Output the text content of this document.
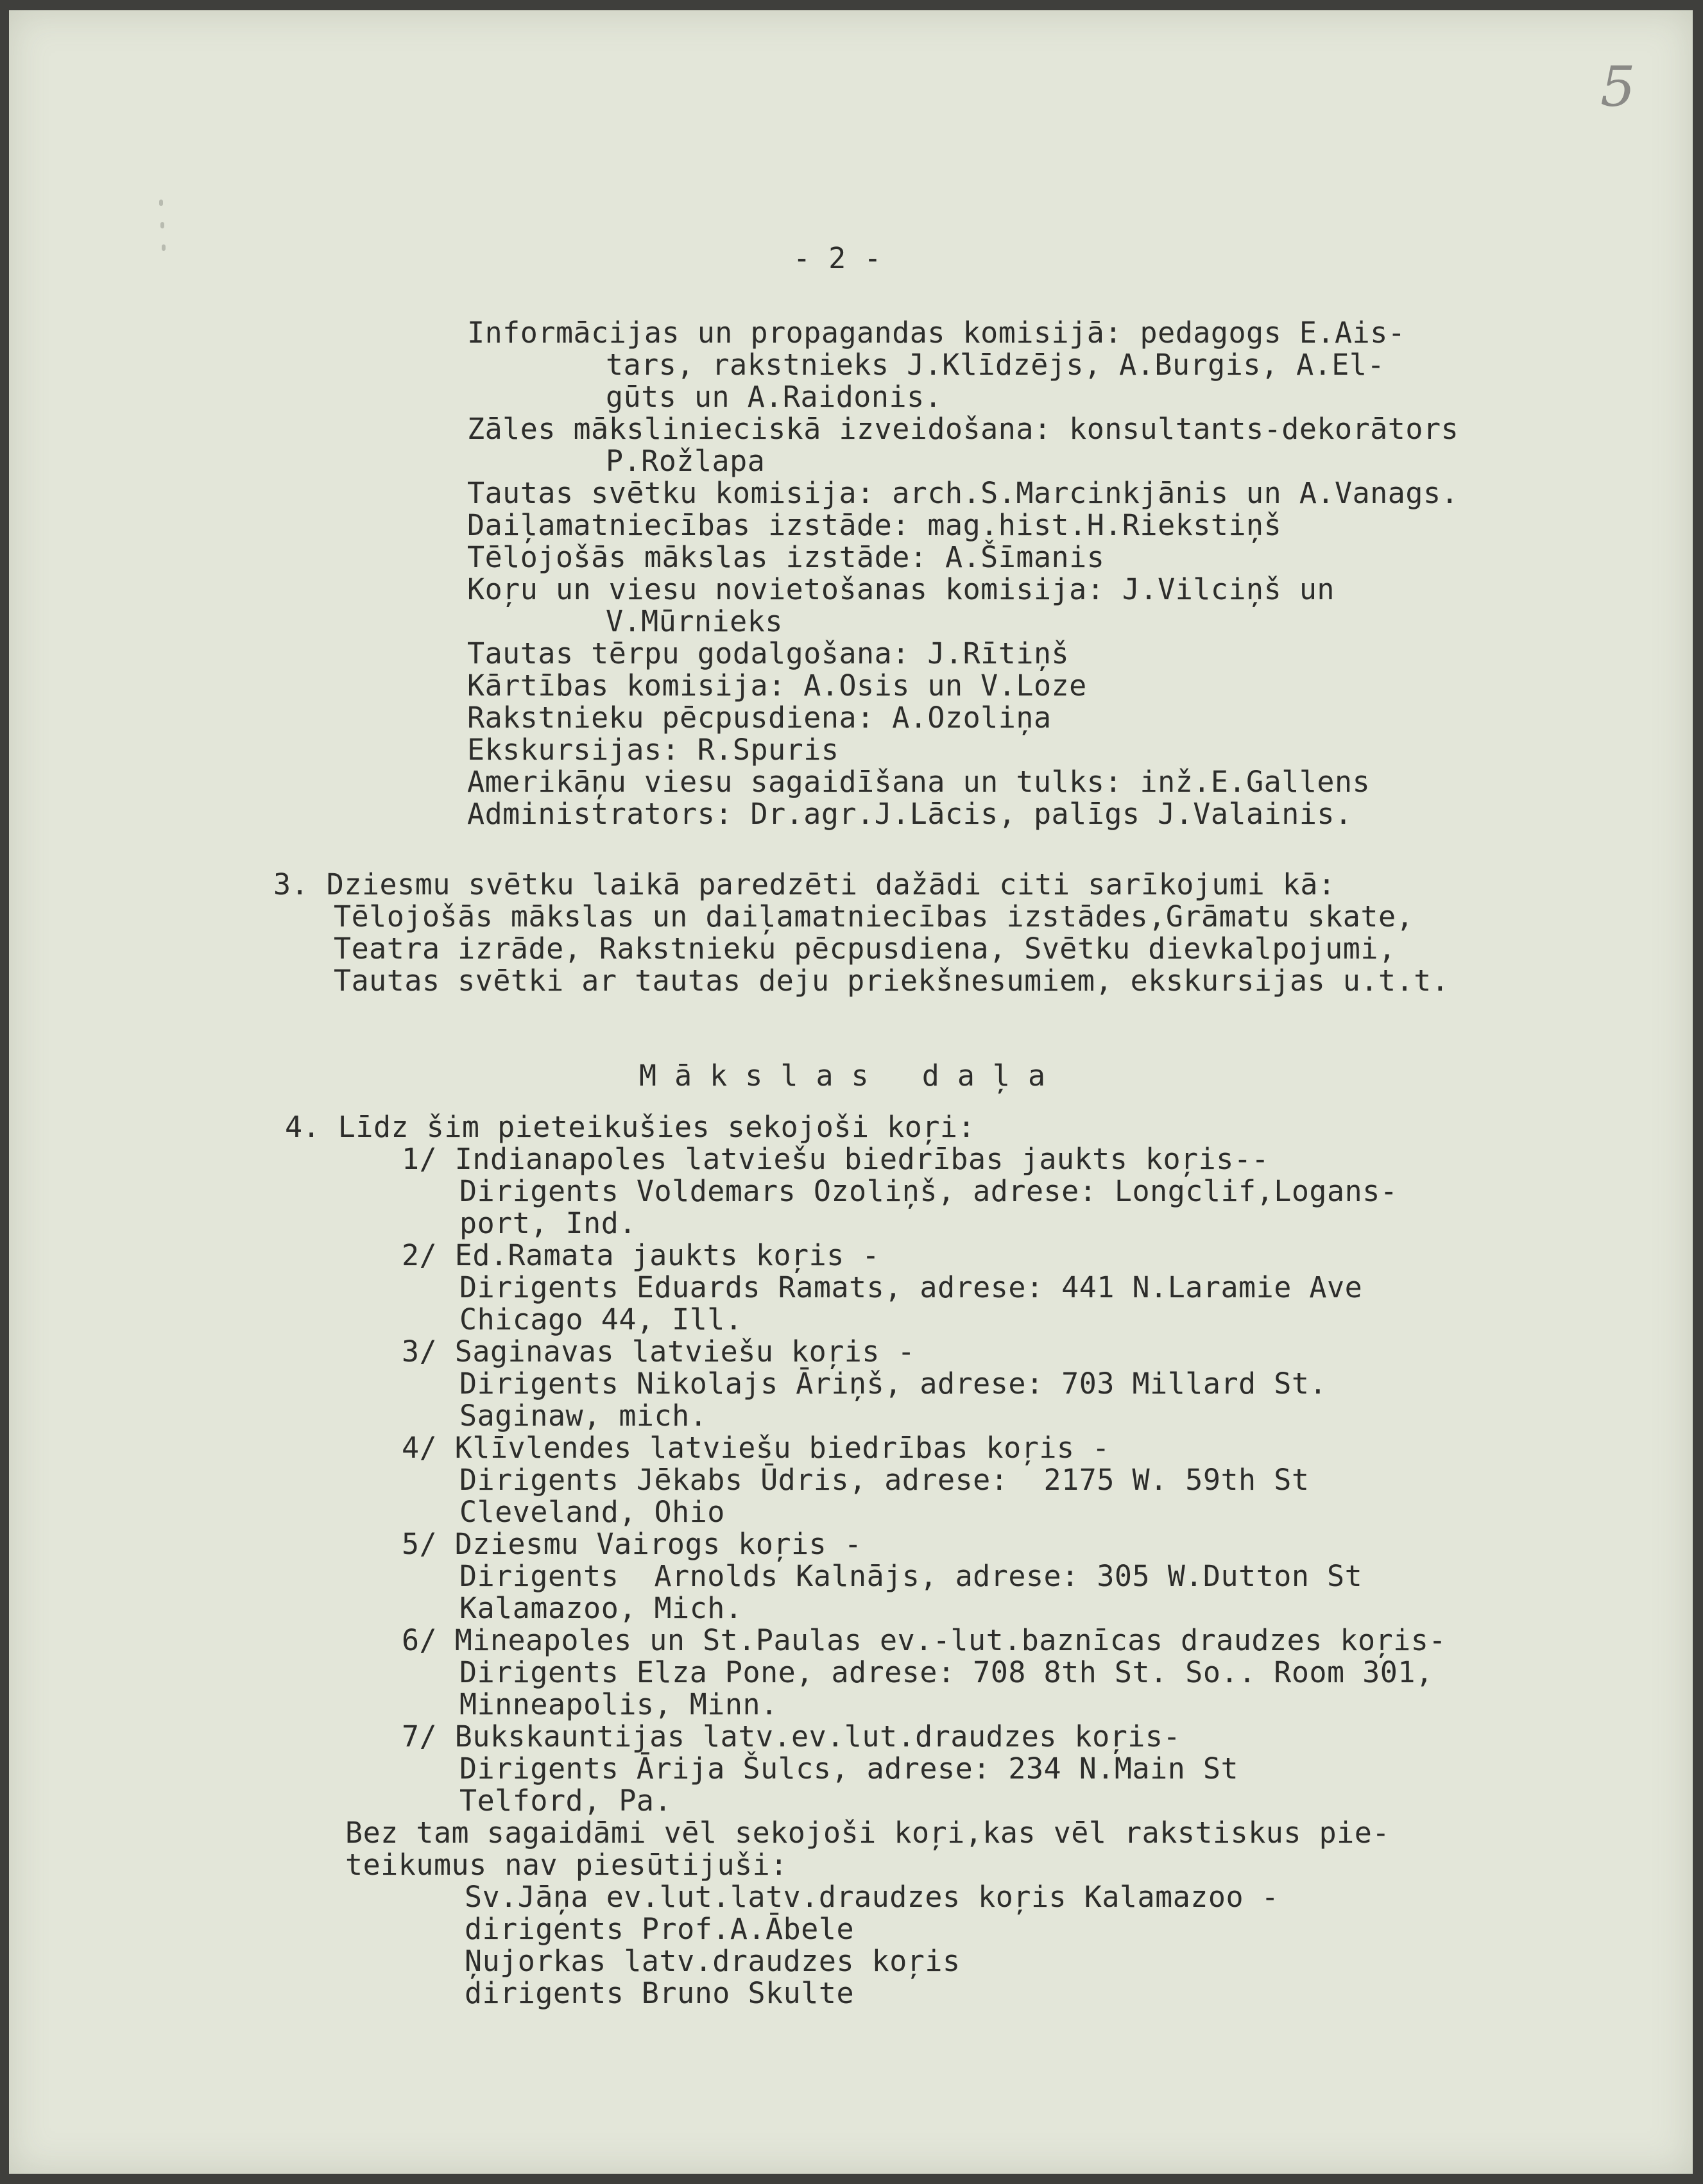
5
- 2 -
Informācijas un propagandas komisijā: pedagogs E.Ais-
tars, rakstnieks J.Klīdzējs, A.Burgis, A.El-
gūts un A.Raidonis.
Zāles mākslinieciskā izveidošana: konsultants-dekorātors
P.Rožlapa
Tautas svētku komisija: arch.S.Marcinkjānis un A.Vanags.
Daiļamatniecības izstāde: mag.hist.H.Riekstiņš
Tēlojošās mākslas izstāde: A.Šīmanis
Koŗu un viesu novietošanas komisija: J.Vilciņš un
V.Mūrnieks
Tautas tērpu godalgošana: J.Rītiņš
Kārtības komisija: A.Osis un V.Loze
Rakstnieku pēcpusdiena: A.Ozoliņa
Ekskursijas: R.Spuris
Amerikāņu viesu sagaidīšana un tulks: inž.E.Gallens
Administrators: Dr.agr.J.Lācis, palīgs J.Valainis.
3. Dziesmu svētku laikā paredzēti dažādi citi sarīkojumi kā:
Tēlojošās mākslas un daiļamatniecības izstādes,Grāmatu skate,
Teatra izrāde, Rakstnieku pēcpusdiena, Svētku dievkalpojumi,
Tautas svētki ar tautas deju priekšnesumiem, ekskursijas u.t.t.
Mākslas daļa
4. Līdz šim pieteikušies sekojoši koŗi:
1/ Indianapoles latviešu biedrības jaukts koŗis--
Dirigents Voldemars Ozoliņš, adrese: Longclif,Logans-
port, Ind.
2/ Ed.Ramata jaukts koŗis -
Dirigents Eduards Ramats, adrese: 441 N.Laramie Ave
Chicago 44, Ill.
3/ Saginavas latviešu koŗis -
Dirigents Nikolajs Āriņš, adrese: 703 Millard St.
Saginaw, mich.
4/ Klīvlendes latviešu biedrības koŗis -
Dirigents Jēkabs Ūdris, adrese:  2175 W. 59th St
Cleveland, Ohio
5/ Dziesmu Vairogs koŗis -
Dirigents  Arnolds Kalnājs, adrese: 305 W.Dutton St
Kalamazoo, Mich.
6/ Mineapoles un St.Paulas ev.-lut.baznīcas draudzes koŗis-
Dirigents Elza Pone, adrese: 708 8th St. So.. Room 301,
Minneapolis, Minn.
7/ Bukskauntijas latv.ev.lut.draudzes koŗis-
Dirigents Ārija Šulcs, adrese: 234 N.Main St
Telford, Pa.
Bez tam sagaidāmi vēl sekojoši koŗi,kas vēl rakstiskus pie-
teikumus nav piesūtijuši:
Sv.Jāņa ev.lut.latv.draudzes koŗis Kalamazoo -
dirigents Prof.A.Ābele
Ņujorkas latv.draudzes koŗis
dirigents Bruno Skulte
